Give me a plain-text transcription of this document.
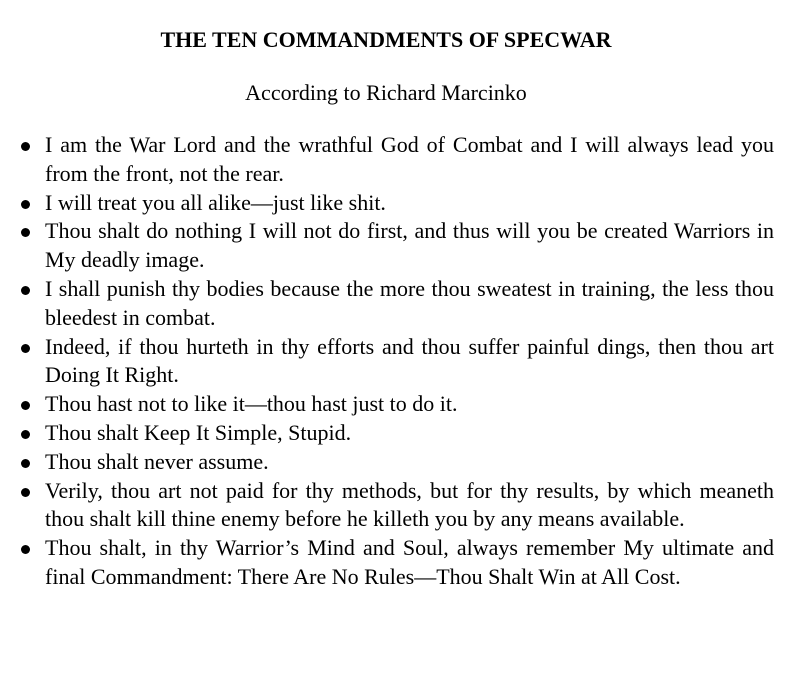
THE TEN COMMANDMENTS OF SPECWAR
According to Richard Marcinko
I am the War Lord and the wrathful God of Combat and I will always lead you from the front, not the rear.
I will treat you all alike—just like shit.
Thou shalt do nothing I will not do first, and thus will you be created Warriors in My deadly image.
I shall punish thy bodies because the more thou sweatest in training, the less thou bleedest in combat.
Indeed, if thou hurteth in thy efforts and thou suffer painful dings, then thou art Doing It Right.
Thou hast not to like it—thou hast just to do it.
Thou shalt Keep It Simple, Stupid.
Thou shalt never assume.
Verily, thou art not paid for thy methods, but for thy results, by which meaneth thou shalt kill thine enemy before he killeth you by any means available.
Thou shalt, in thy Warrior’s Mind and Soul, always remember My ultimate and final Commandment: There Are No Rules—Thou Shalt Win at All Cost.
